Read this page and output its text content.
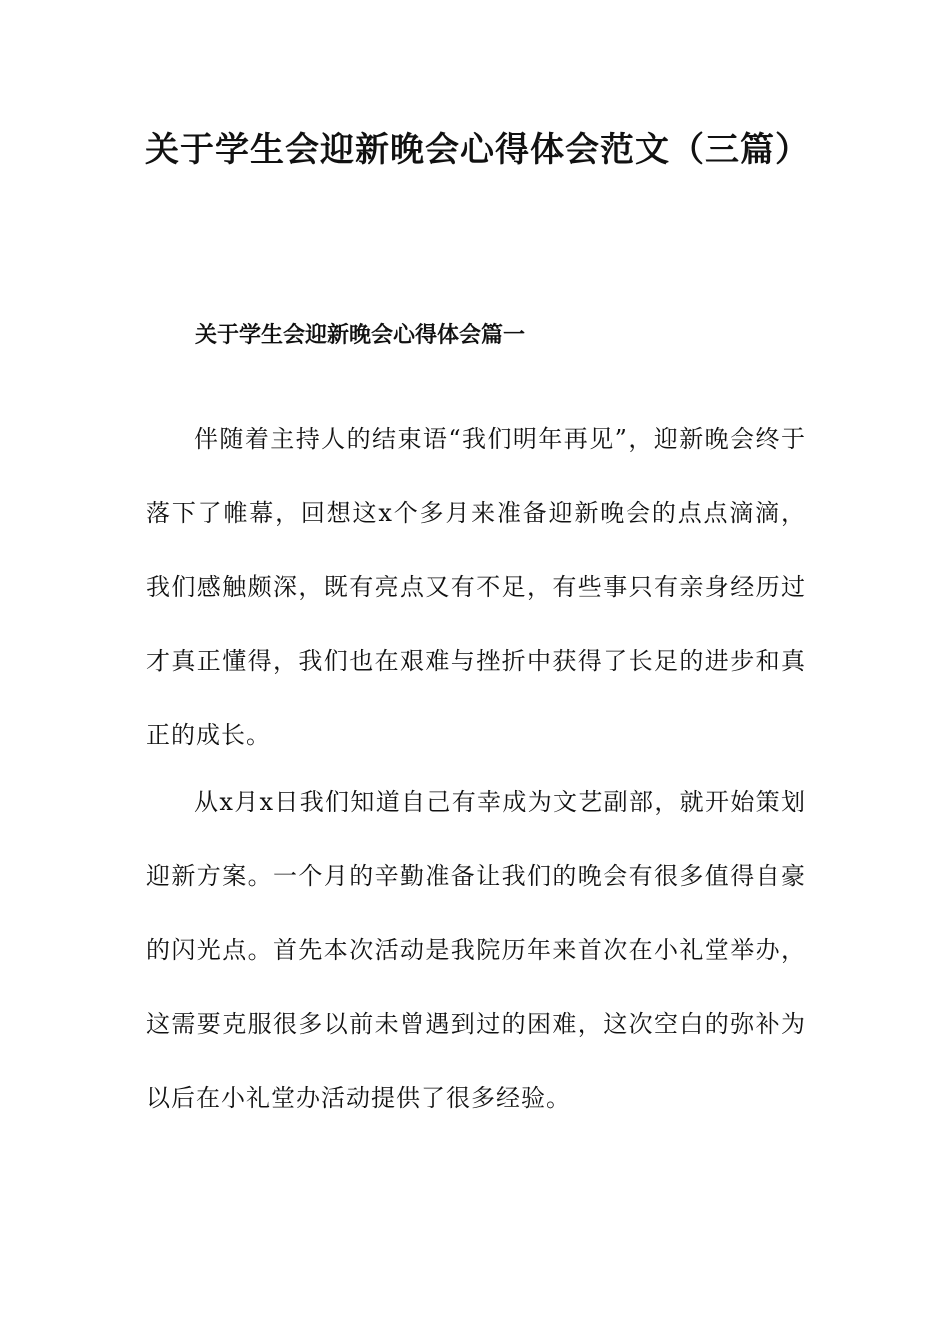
关于学生会迎新晚会心得体会范文（三篇）
关于学生会迎新晚会心得体会篇一

伴随着主持人的结束语“我们明年再见”，迎新晚会终于落下了帷幕，回想这x个多月来准备迎新晚会的点点滴滴，我们感触颇深，既有亮点又有不足，有些事只有亲身经历过才真正懂得，我们也在艰难与挫折中获得了长足的进步和真正的成长。

从x月x日我们知道自己有幸成为文艺副部，就开始策划迎新方案。一个月的辛勤准备让我们的晚会有很多值得自豪的闪光点。首先本次活动是我院历年来首次在小礼堂举办，这需要克服很多以前未曾遇到过的困难，这次空白的弥补为以后在小礼堂办活动提供了很多经验。
